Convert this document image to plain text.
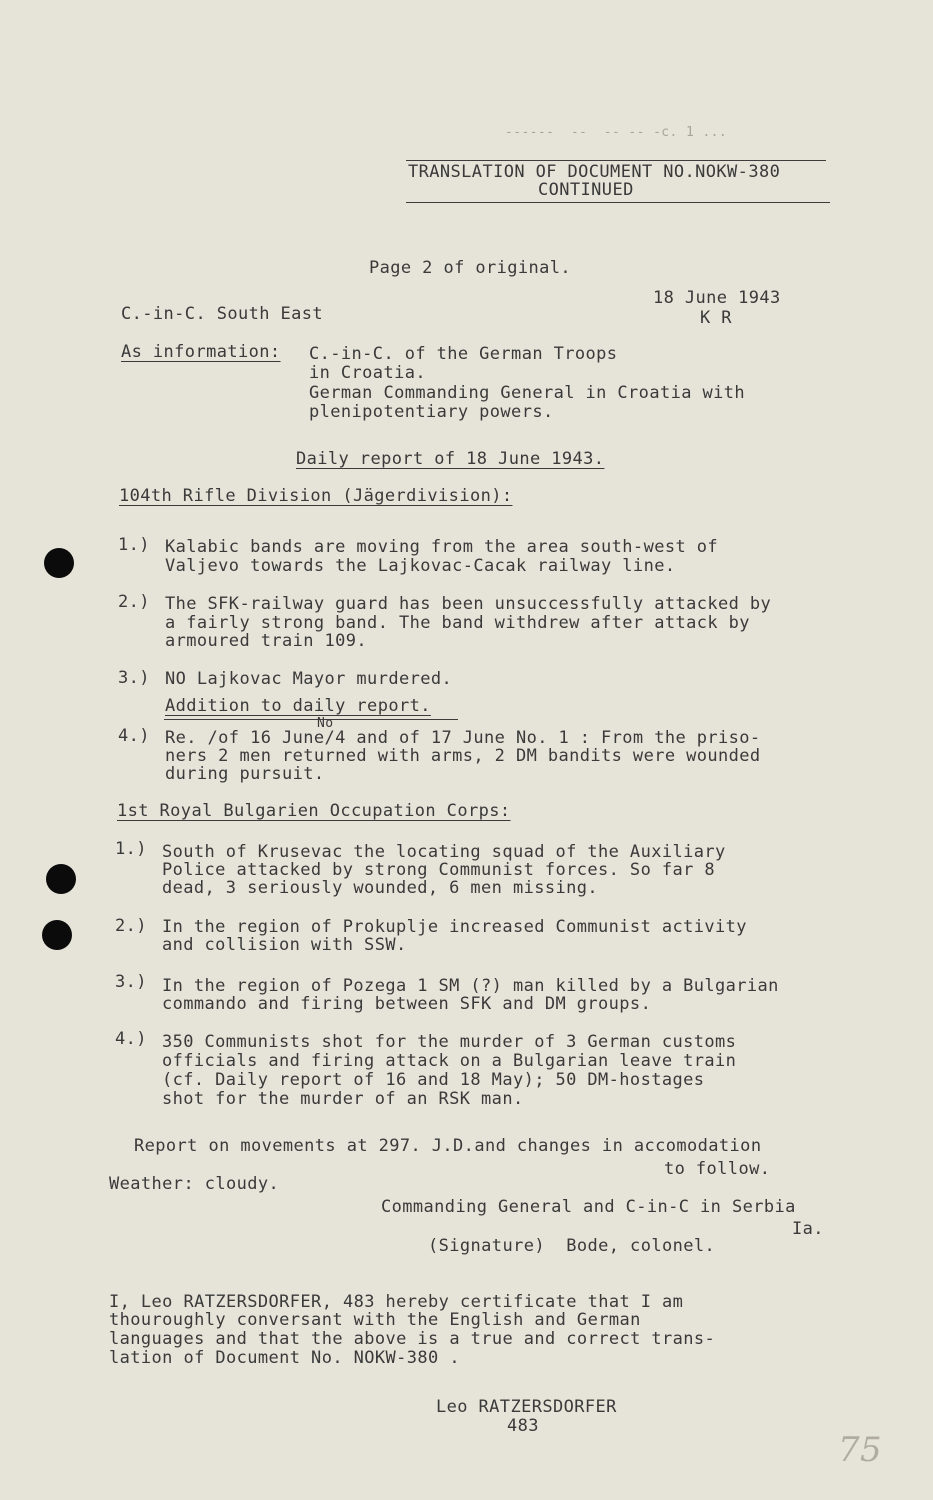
------  --  -- -- -c. 1 ...
TRANSLATION OF DOCUMENT NO.NOKW-380
CONTINUED
Page 2 of original.
18 June 1943
K R
C.-in-C. South East
As information: C.-in-C. of the German Troops
in Croatia.
German Commanding General in Croatia with
plenipotentiary powers.
Daily report of 18 June 1943.
104th Rifle Division (Jägerdivision):
1.) Kalabic bands are moving from the area south-west of
Valjevo towards the Lajkovac-Cacak railway line.
2.) The SFK-railway guard has been unsuccessfully attacked by
a fairly strong band. The band withdrew after attack by
armoured train 109.
3.) NO Lajkovac Mayor murdered.
Addition to daily report.
No
4.) Re. /of 16 June/4 and of 17 June No. 1 : From the priso-
ners 2 men returned with arms, 2 DM bandits were wounded
during pursuit.
1st Royal Bulgarien Occupation Corps:
1.) South of Krusevac the locating squad of the Auxiliary
Police attacked by strong Communist forces. So far 8
dead, 3 seriously wounded, 6 men missing.
2.) In the region of Prokuplje increased Communist activity
and collision with SSW.
3.) In the region of Pozega 1 SM (?) man killed by a Bulgarian
commando and firing between SFK and DM groups.
4.) 350 Communists shot for the murder of 3 German customs
officials and firing attack on a Bulgarian leave train
(cf. Daily report of 16 and 18 May); 50 DM-hostages
shot for the murder of an RSK man.
Report on movements at 297. J.D.and changes in accomodation
to follow.
Weather: cloudy.
Commanding General and C-in-C in Serbia
Ia.
(Signature)  Bode, colonel.
I, Leo RATZERSDORFER, 483 hereby certificate that I am
thouroughly conversant with the English and German
languages and that the above is a true and correct trans-
lation of Document No. NOKW-380 .
Leo RATZERSDORFER
483
75
